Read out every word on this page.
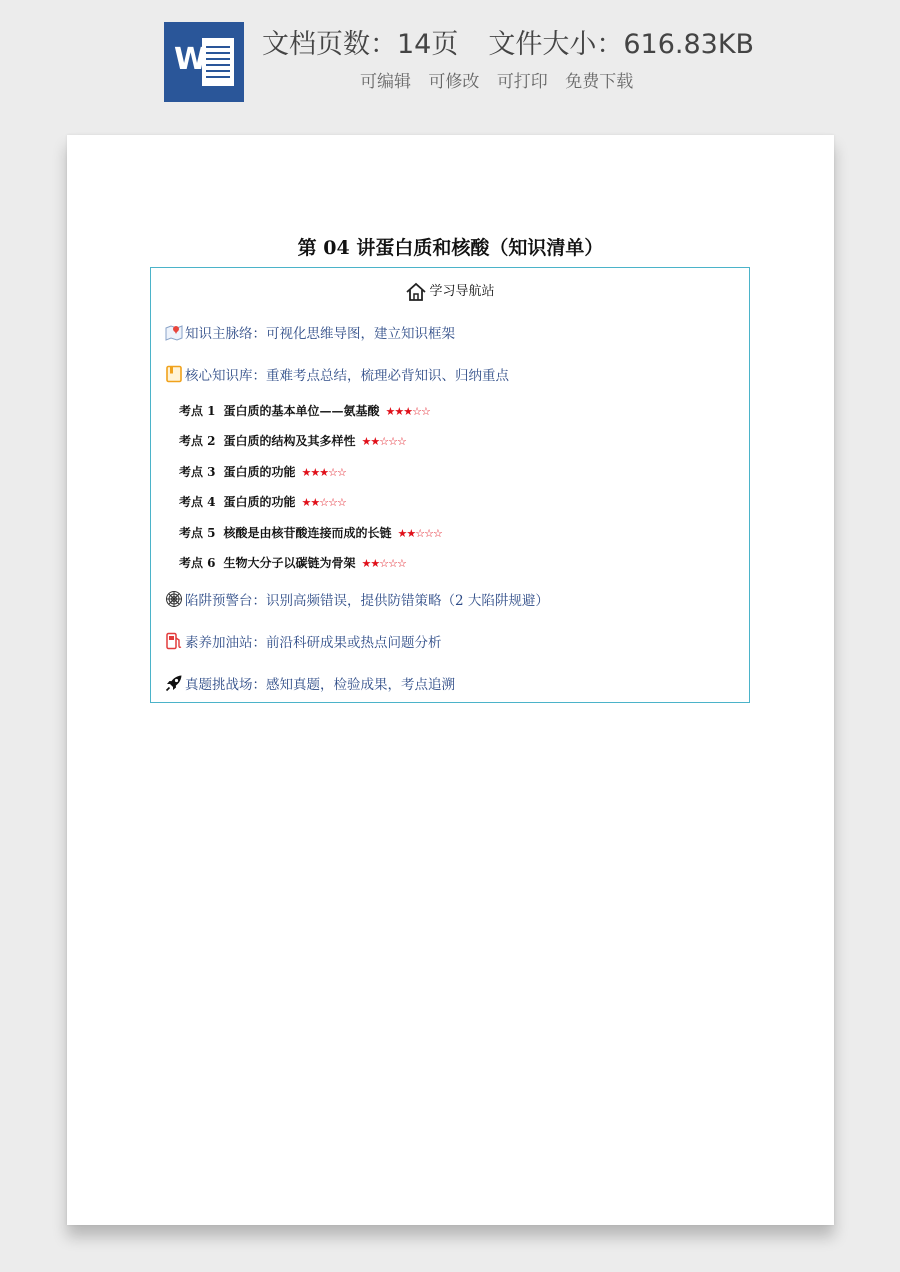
W 文档页数：14页 文件大小：616.83KB
可编辑 可修改 可打印 免费下载
第 04 讲蛋白质和核酸（知识清单）
学习导航站
知识主脉络：可视化思维导图，建立知识框架
核心知识库：重难考点总结，梳理必背知识、归纳重点
考点 1 蛋白质的基本单位——氨基酸 ★★★☆☆
考点 2 蛋白质的结构及其多样性 ★★☆☆☆
考点 3 蛋白质的功能 ★★★☆☆
考点 4 蛋白质的功能 ★★☆☆☆
考点 5 核酸是由核苷酸连接而成的长链 ★★☆☆☆
考点 6 生物大分子以碳链为骨架 ★★☆☆☆
陷阱预警台：识别高频错误，提供防错策略（2 大陷阱规避）
素养加油站：前沿科研成果或热点问题分析
真题挑战场：感知真题，检验成果，考点追溯
